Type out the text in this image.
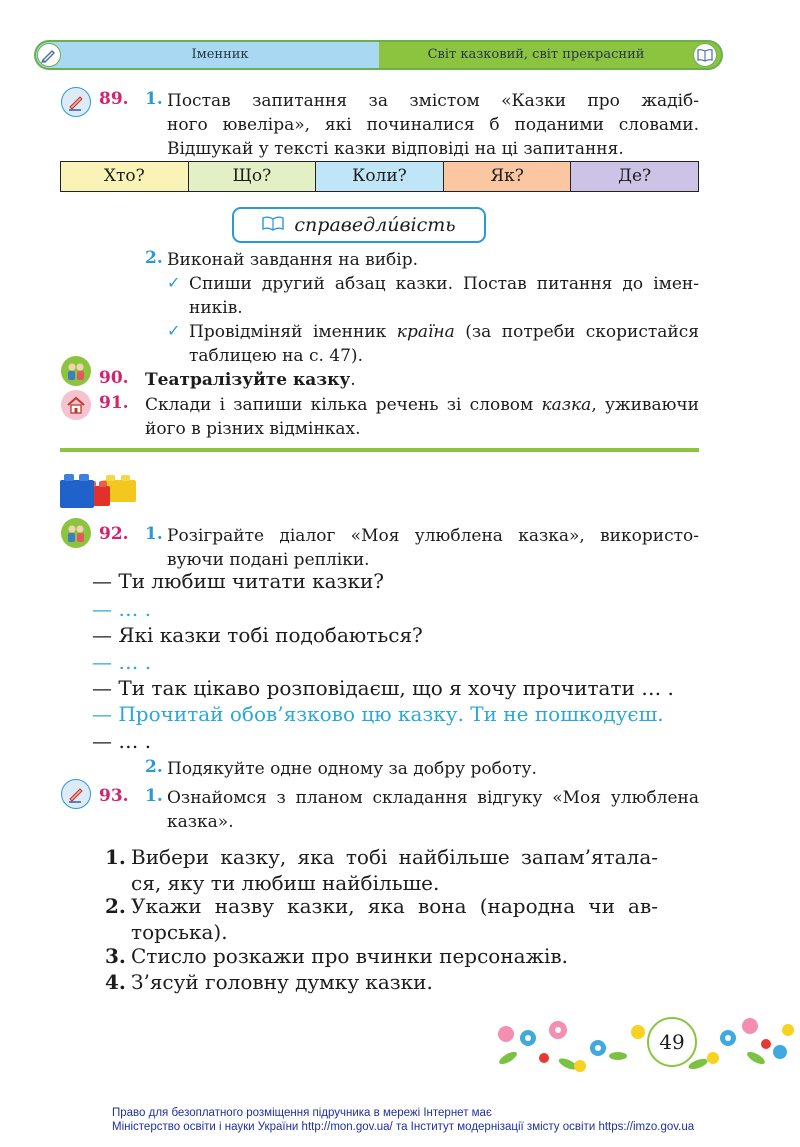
Іменник	Світ казковий, світ прекрасний
89. 1. Постав запитання за змістом «Казки про жадіб-
ного ювеліра», які починалися б поданими словами.
Відшукай у тексті казки відповіді на ці запитання.
Хто?	Що?	Коли?	Як?	Де?
справедли́вість
2. Виконай завдання на вибір.
✓ Спиши другий абзац казки. Постав питання до імен-
ників.
✓ Провідміняй іменник країна (за потреби скористайся
таблицею на с. 47).
90. Театралізуйте казку.
91. Склади і запиши кілька речень зі словом казка, уживаючи
його в різних відмінках.
92. 1. Розіграйте діалог «Моя улюблена казка», використо-
вуючи подані репліки.
— Ти любиш читати казки?
— … .
— Які казки тобі подобаються?
— … .
— Ти так цікаво розповідаєш, що я хочу прочитати … .
— Прочитай обов’язково цю казку. Ти не пошкодуєш.
— … .
2. Подякуйте одне одному за добру роботу.
93. 1. Ознайомся з планом складання відгуку «Моя улюблена
казка».
1. Вибери казку, яка тобі найбільше запам’ятала-
ся, яку ти любиш найбільше.
2. Укажи назву казки, яка вона (народна чи ав-
торська).
3. Стисло розкажи про вчинки персонажів.
4. З’ясуй головну думку казки.
49
Право для безоплатного розміщення підручника в мережі Інтернет має
Міністерство освіти і науки України http://mon.gov.ua/ та Інститут модернізації змісту освіти https://imzo.gov.ua
